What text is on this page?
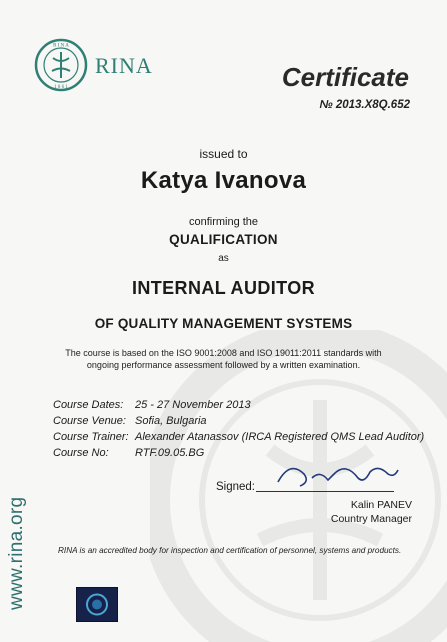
R I N A
1 8 6 1
RINA	Certificate
№ 2013.X8Q.652
issued to
Katya Ivanova
confirming the
QUALIFICATION
as
INTERNAL AUDITOR
OF QUALITY MANAGEMENT SYSTEMS
The course is based on the ISO 9001:2008 and ISO 19011:2011 standards with
ongoing performance assessment followed by a written examination.
Course Dates:	25 - 27 November 2013
Course Venue: Sofia, Bulgaria
Course Trainer: Alexander Atanassov (IRCA Registered QMS Lead Auditor)
Course No:	RTF.09.05.BG
Signed:
Kalin PANEV
Country Manager
RINA is an accredited body for inspection and certification of personnel, systems and products.
www.rina.org
